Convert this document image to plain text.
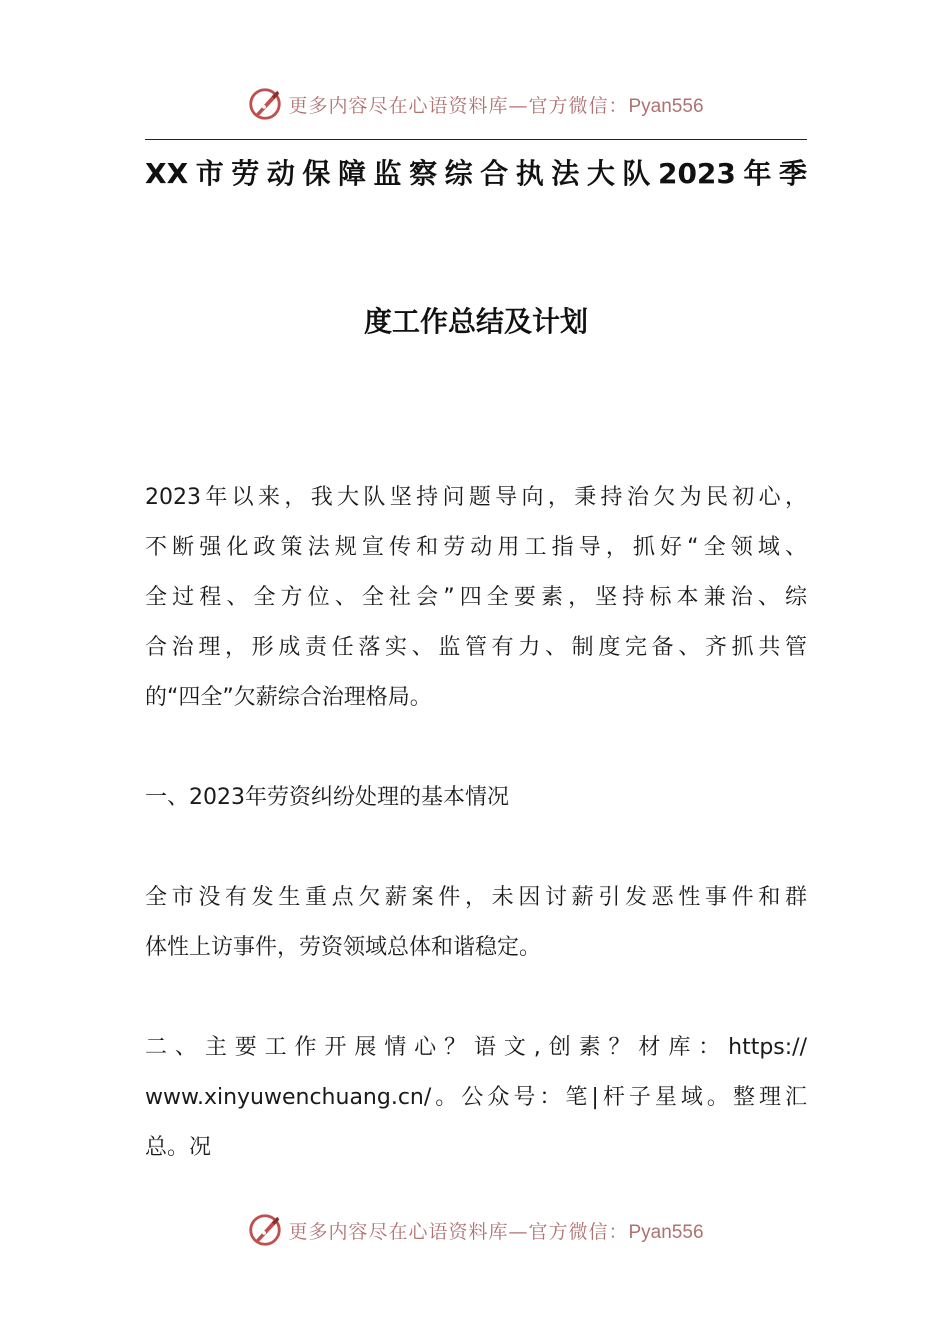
更多内容尽在心语资料库—官方微信：Pyan556
XX市劳动保障监察综合执法大队2023年季
度工作总结及计划
2023年以来，我大队坚持问题导向，秉持治欠为民初心，
不断强化政策法规宣传和劳动用工指导，抓好“全领域、
全过程、全方位、全社会”四全要素，坚持标本兼治、综
合治理，形成责任落实、监管有力、制度完备、齐抓共管
的“四全”欠薪综合治理格局。
一、2023年劳资纠纷处理的基本情况
全市没有发生重点欠薪案件，未因讨薪引发恶性事件和群
体性上访事件，劳资领域总体和谐稳定。
二、主要工作开展情心？语文,创素？材库：https://
www.xinyuwenchuang.cn/。公众号：笔|杆子星域。整理汇
总。况
更多内容尽在心语资料库—官方微信：Pyan556
